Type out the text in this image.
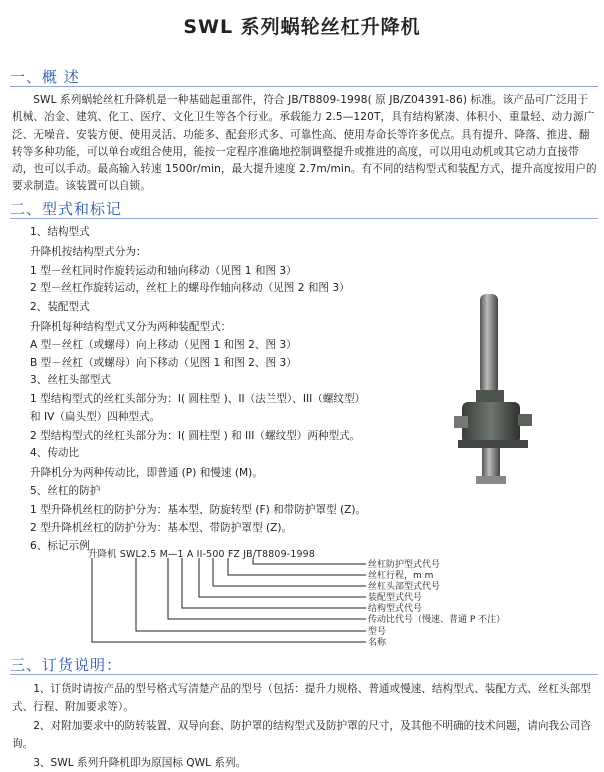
SWL 系列蜗轮丝杠升降机
一、概 述

SWL 系列蜗轮丝杠升降机是一种基础起重部件，符合 JB/T8809-1998( 原 JB/Z04391-86) 标准。该产品可广泛用于机械、冶金、建筑、化工、医疗、文化卫生等各个行业。承载能力 2.5—120T，具有结构紧凑、体积小、重量轻、动力源广泛、无噪音、安装方便、使用灵活、功能多、配套形式多、可靠性高、使用寿命长等许多优点。具有提升、降落、推进、翻转等多种功能，可以单台或组合使用，能按一定程序准确地控制调整提升或推进的高度，可以用电动机或其它动力直接带动，也可以手动。最高输入转速 1500r/min，最大提升速度 2.7m/min。有不同的结构型式和装配方式，提升高度按用户的要求制造。该装置可以自锁。

二、型式和标记
1、结构型式
升降机按结构型式分为：
1 型－丝杠同时作旋转运动和轴向移动（见图 1 和图 3）
2 型－丝杠作旋转运动，丝杠上的螺母作轴向移动（见图 2 和图 3）
2、装配型式
升降机每种结构型式又分为两种装配型式：
A 型－丝杠（或螺母）向上移动（见图 1 和图 2、图 3）
B 型－丝杠（或螺母）向下移动（见图 1 和图 2、图 3）
3、丝杠头部型式
1 型结构型式的丝杠头部分为：I( 圆柱型 )、II（法兰型）、III（螺纹型）
和 IV（扁头型）四种型式。
2 型结构型式的丝杠头部分为：I( 圆柱型 ) 和 III（螺纹型）两种型式。
4、传动比
升降机分为两种传动比，即普通 (P) 和慢速 (M)。
5、丝杠的防护
1 型升降机丝杠的防护分为：基本型、防旋转型 (F) 和带防护罩型 (Z)。
2 型升降机丝杠的防护分为：基本型、带防护罩型 (Z)。
6、标记示例
升降机 SWL2.5 M—1 A II-500 FZ JB/T8809-1998
丝杠防护型式代号
丝杠行程，m m
丝杠头部型式代号
装配型式代号
结构型式代号
传动比代号（慢速、普通 P 不注）
型号
名称
三、订货说明：

1、订货时请按产品的型号格式写清楚产品的型号（包括：提升力规格、普通或慢速、结构型式、装配方式、丝杠头部型式、行程、附加要求等）。

2、对附加要求中的防转装置、双导向套、防护罩的结构型式及防护罩的尺寸，及其他不明确的技术问题，请向我公司咨询。

3、SWL 系列升降机即为原国标 QWL 系列。
